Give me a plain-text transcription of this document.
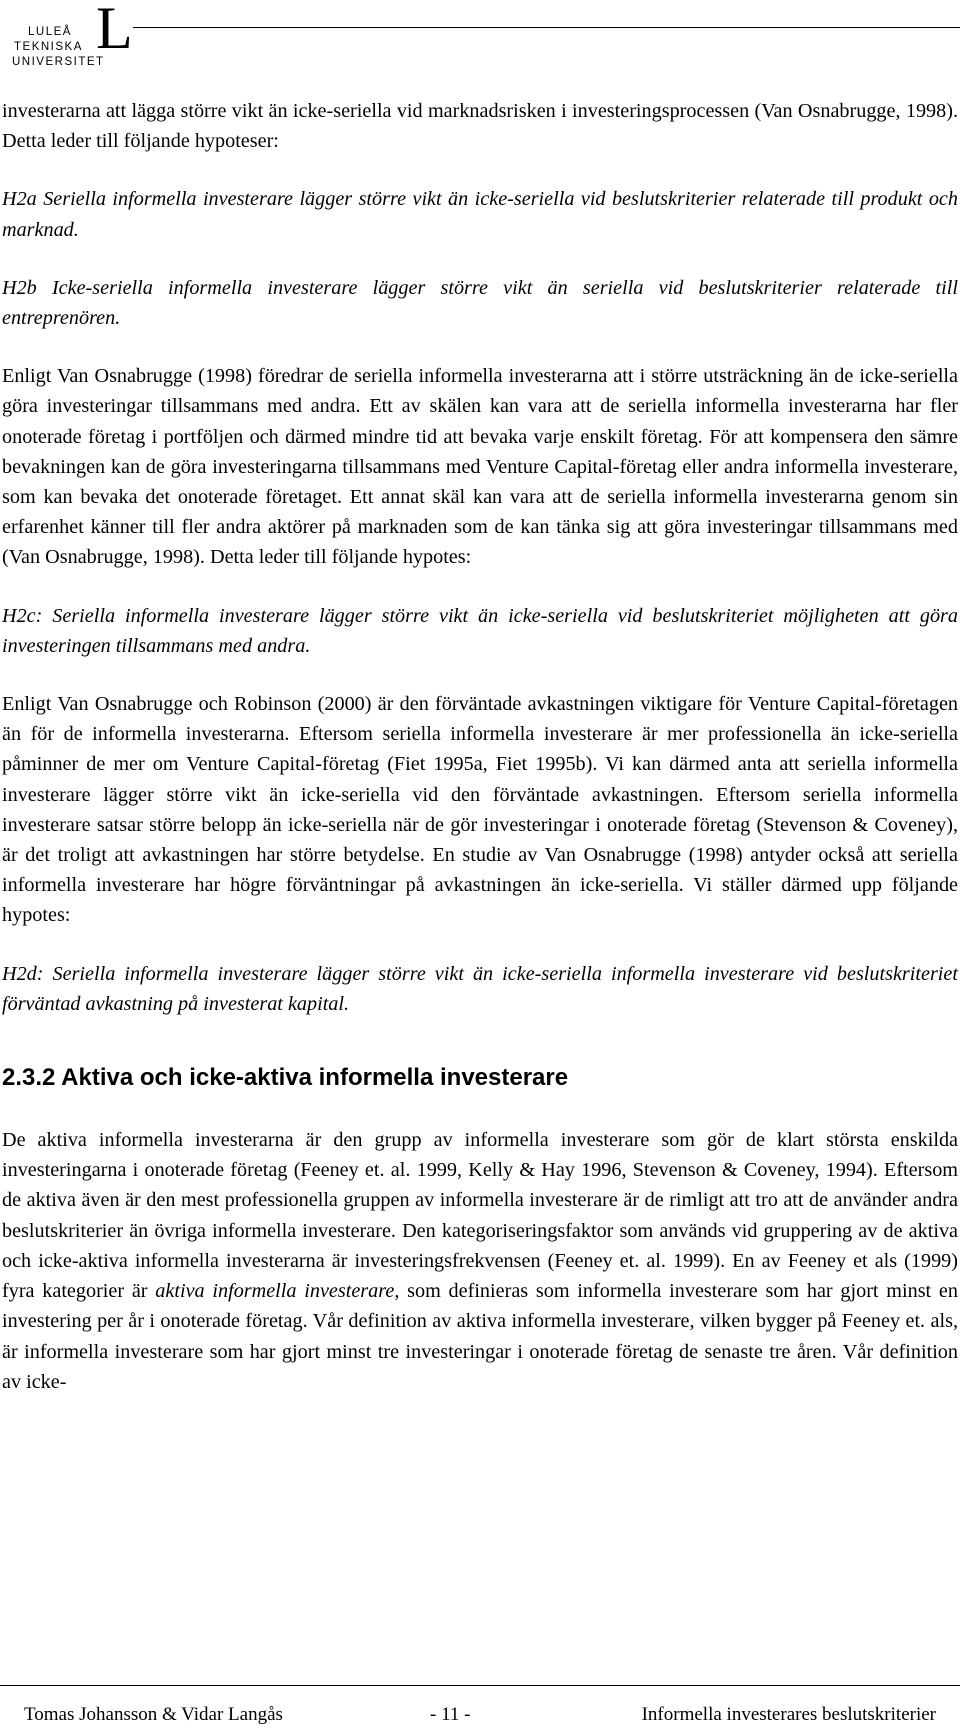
L
LULEÅ
TEKNISKA
UNIVERSITET

investerarna att lägga större vikt än icke-seriella vid marknadsrisken i investeringsprocessen (Van Osnabrugge, 1998). Detta leder till följande hypoteser:

H2a Seriella informella investerare lägger större vikt än icke-seriella vid beslutskriterier relaterade till produkt och marknad.

H2b Icke-seriella informella investerare lägger större vikt än seriella vid beslutskriterier relaterade till entreprenören.

Enligt Van Osnabrugge (1998) föredrar de seriella informella investerarna att i större utsträckning än de icke-seriella göra investeringar tillsammans med andra. Ett av skälen kan vara att de seriella informella investerarna har fler onoterade företag i portföljen och därmed mindre tid att bevaka varje enskilt företag. För att kompensera den sämre bevakningen kan de göra investeringarna tillsammans med Venture Capital-företag eller andra informella investerare, som kan bevaka det onoterade företaget. Ett annat skäl kan vara att de seriella informella investerarna genom sin erfarenhet känner till fler andra aktörer på marknaden som de kan tänka sig att göra investeringar tillsammans med (Van Osnabrugge, 1998). Detta leder till följande hypotes:

H2c: Seriella informella investerare lägger större vikt än icke-seriella vid beslutskriteriet möjligheten att göra investeringen tillsammans med andra.

Enligt Van Osnabrugge och Robinson (2000) är den förväntade avkastningen viktigare för Venture Capital-företagen än för de informella investerarna. Eftersom seriella informella investerare är mer professionella än icke-seriella påminner de mer om Venture Capital-företag (Fiet 1995a, Fiet 1995b). Vi kan därmed anta att seriella informella investerare lägger större vikt än icke-seriella vid den förväntade avkastningen. Eftersom seriella informella investerare satsar större belopp än icke-seriella när de gör investeringar i onoterade företag (Stevenson & Coveney), är det troligt att avkastningen har större betydelse. En studie av Van Osnabrugge (1998) antyder också att seriella informella investerare har högre förväntningar på avkastningen än icke-seriella. Vi ställer därmed upp följande hypotes:

H2d: Seriella informella investerare lägger större vikt än icke-seriella informella investerare vid beslutskriteriet förväntad avkastning på investerat kapital.

2.3.2 Aktiva och icke-aktiva informella investerare

De aktiva informella investerarna är den grupp av informella investerare som gör de klart största enskilda investeringarna i onoterade företag (Feeney et. al. 1999, Kelly & Hay 1996, Stevenson & Coveney, 1994). Eftersom de aktiva även är den mest professionella gruppen av informella investerare är de rimligt att tro att de använder andra beslutskriterier än övriga informella investerare. Den kategoriseringsfaktor som används vid gruppering av de aktiva och icke-aktiva informella investerarna är investeringsfrekvensen (Feeney et. al. 1999). En av Feeney et als (1999) fyra kategorier är aktiva informella investerare, som definieras som informella investerare som har gjort minst en investering per år i onoterade företag. Vår definition av aktiva informella investerare, vilken bygger på Feeney et. als, är informella investerare som har gjort minst tre investeringar i onoterade företag de senaste tre åren. Vår definition av icke-

Tomas Johansson & Vidar Langås	- 11 -	Informella investerares beslutskriterier
